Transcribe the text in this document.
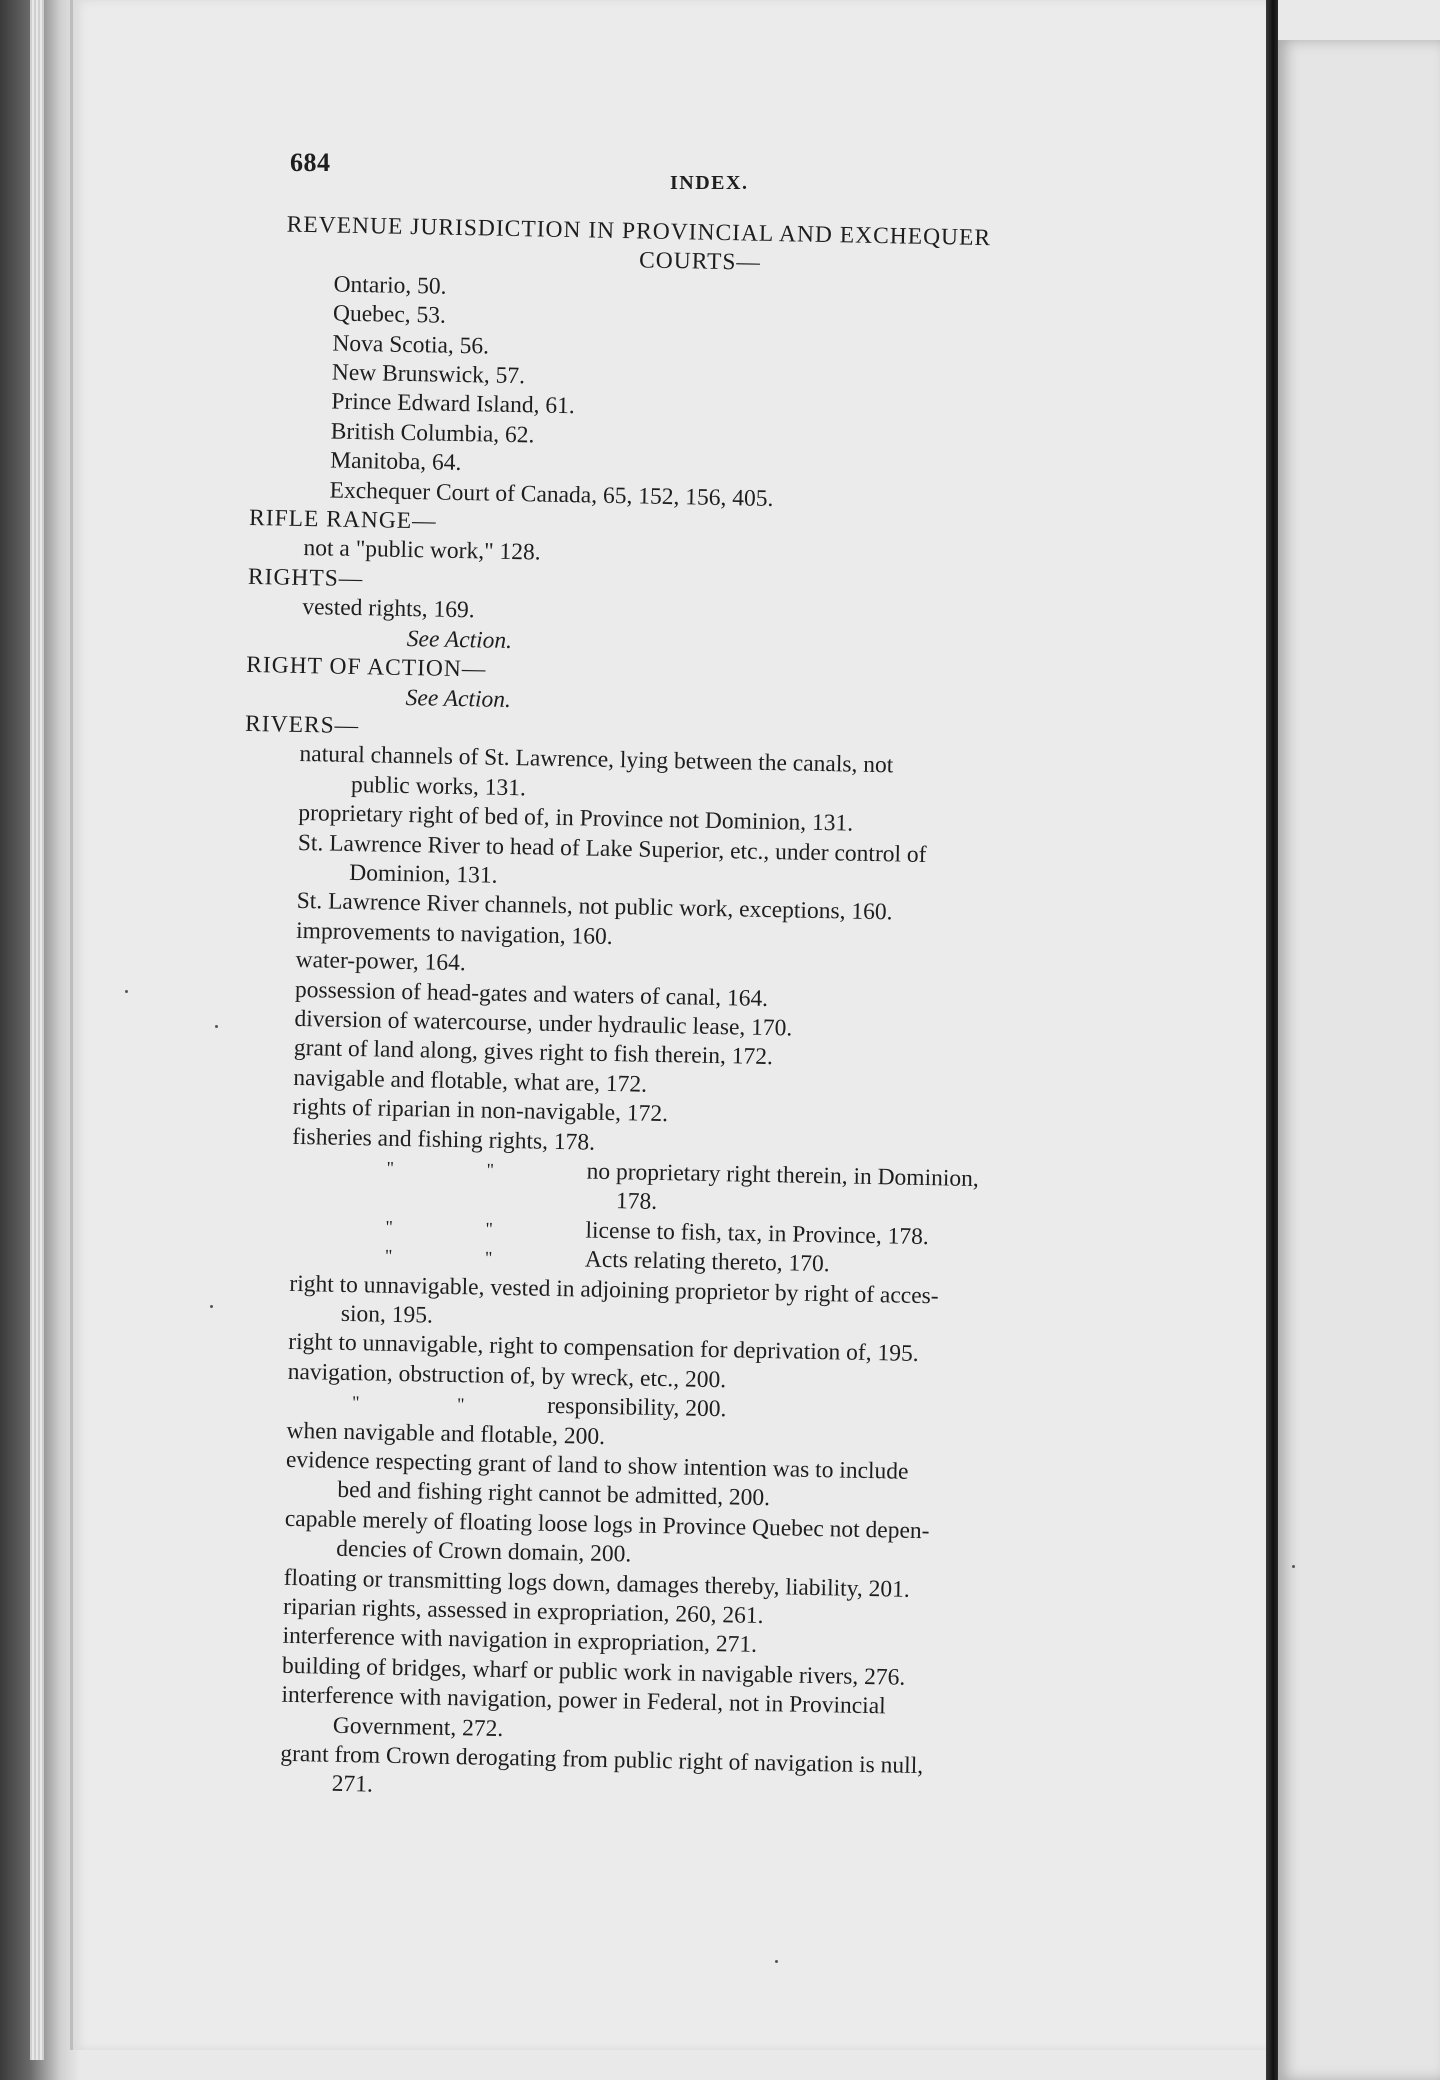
684
INDEX.
REVENUE JURISDICTION IN PROVINCIAL AND EXCHEQUER
COURTS—
Ontario, 50.
Quebec, 53.
Nova Scotia, 56.
New Brunswick, 57.
Prince Edward Island, 61.
British Columbia, 62.
Manitoba, 64.
Exchequer Court of Canada, 65, 152, 156, 405.
RIFLE RANGE—
not a "public work," 128.
RIGHTS—
vested rights, 169.
See Action.
RIGHT OF ACTION—
See Action.
RIVERS—
natural channels of St. Lawrence, lying between the canals, not
public works, 131.
proprietary right of bed of, in Province not Dominion, 131.
St. Lawrence River to head of Lake Superior, etc., under control of
Dominion, 131.
St. Lawrence River channels, not public work, exceptions, 160.
improvements to navigation, 160.
water-power, 164.
possession of head-gates and waters of canal, 164.
diversion of watercourse, under hydraulic lease, 170.
grant of land along, gives right to fish therein, 172.
navigable and flotable, what are, 172.
rights of riparian in non-navigable, 172.
fisheries and fishing rights, 178.
"	"	no proprietary right therein, in Dominion,
178.
"	"	license to fish, tax, in Province, 178.
"	"	Acts relating thereto, 170.
right to unnavigable, vested in adjoining proprietor by right of acces-
sion, 195.
right to unnavigable, right to compensation for deprivation of, 195.
navigation, obstruction of, by wreck, etc., 200.
"	"	responsibility, 200.
when navigable and flotable, 200.
evidence respecting grant of land to show intention was to include
bed and fishing right cannot be admitted, 200.
capable merely of floating loose logs in Province Quebec not depen-
dencies of Crown domain, 200.
floating or transmitting logs down, damages thereby, liability, 201.
riparian rights, assessed in expropriation, 260, 261.
interference with navigation in expropriation, 271.
building of bridges, wharf or public work in navigable rivers, 276.
interference with navigation, power in Federal, not in Provincial
Government, 272.
grant from Crown derogating from public right of navigation is null,
271.
